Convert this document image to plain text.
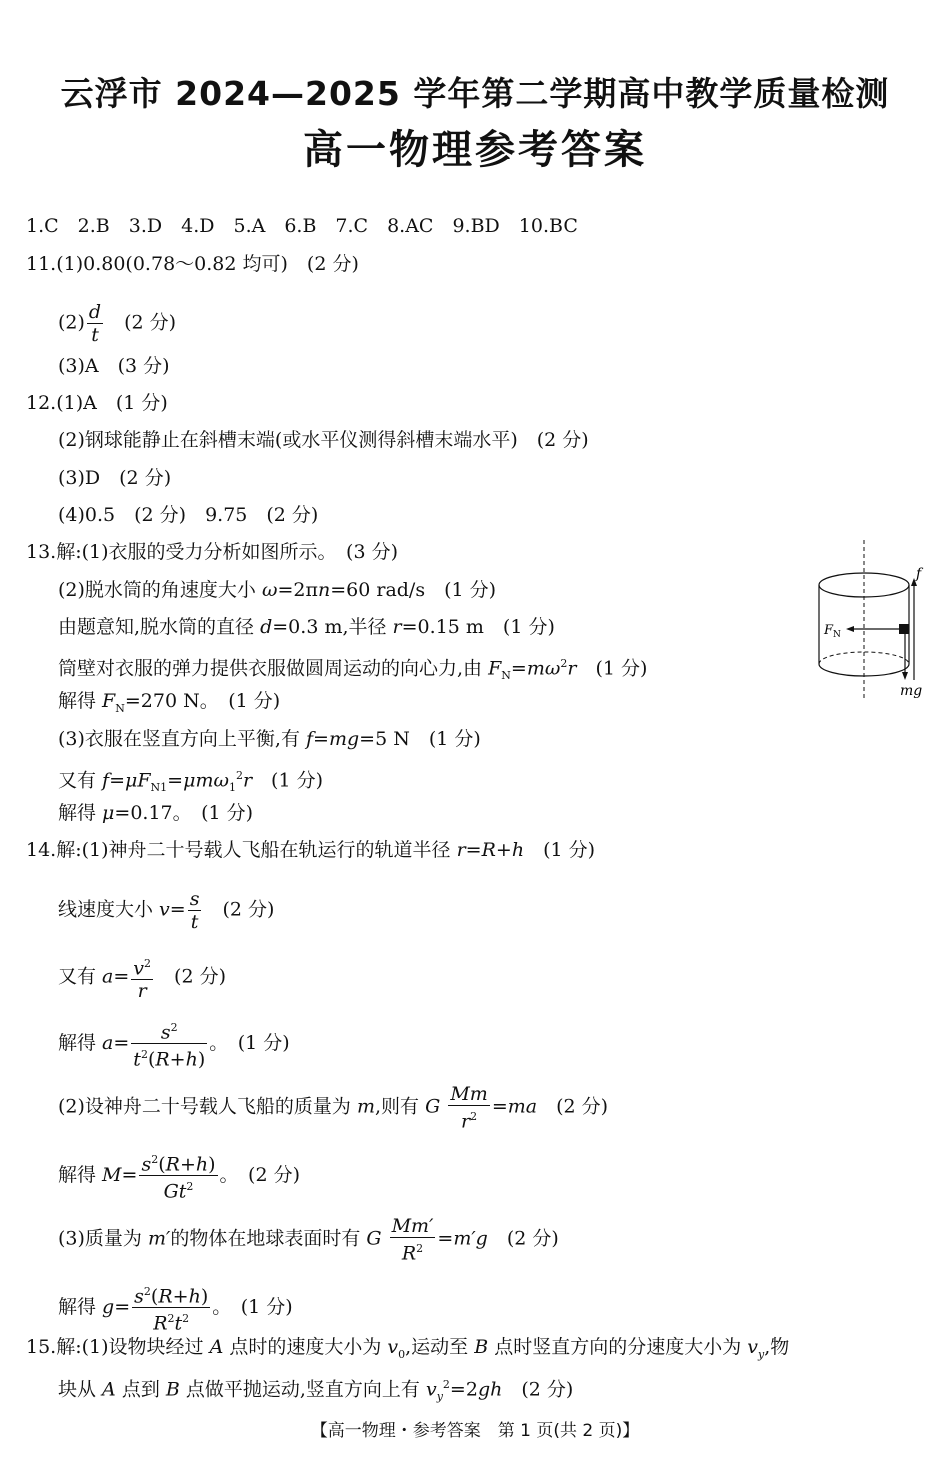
云浮市 2024—2025 学年第二学期高中教学质量检测
高一物理参考答案
1.C　2.B　3.D　4.D　5.A　6.B　7.C　8.AC　9.BD　10.BC
11.(1)0.80(0.78～0.82 均可)　(2 分)
$(2) \frac{d}{t}$
　 (2 分)
(3)A　(3 分)
12.(1)A　(1 分)
(2)钢球能静止在斜槽末端(或水平仪测得斜槽末端水平)　(2 分)
(3)D　(2 分)
(4)0.5　(2 分)　9.75　(2 分)
13.解:(1)衣服的受力分析如图所示。　(3 分)
(2)脱水筒的角速度大小 ω=2πn=60 rad/s　(1 分)
由题意知,脱水筒的直径 d=0.3 m,半径 r=0.15 m　(1 分)
筒壁对衣服的弹力提供衣服做圆周运动的向心力,由 $F_N=m\omega^2r$　(1 分)
解得 $F_N=270$ N。　(1 分)
(3)衣服在竖直方向上平衡,有 f=mg=5 N　(1 分)
又有 $f=\mu F_{N1}=\mu m\omega_1^2r$　(1 分)
解得 μ=0.17。　(1 分)
f
$F_N$
mg
14.解:(1)神舟二十号载人飞船在轨运行的轨道半径 r=R+h　(1 分)
线速度大小 $v= \frac{s}{t}$
　 (2 分)
又有 $a= \frac{v^2}{r}$
　 (2 分)
解得 $a= \frac{s^2}{t^2(R+h)}$ 。　(1 分)
(2)设神舟二十号载人飞船的质量为 m,则有 G $\frac{Mm}{r^2} =ma$　(2 分)
解得 $M= \frac{s^2(R+h)}{Gt^2}$ 。　(2 分)
(3)质量为 m′的物体在地球表面时有 G $\frac{Mm'}{R^2} =m'g$　(2 分)
解得 $g= \frac{s^2(R+h)}{R^2t^2}$ 。　(1 分)
15.解:(1)设物块经过 A 点时的速度大小为 $v_0$,运动至 B 点时竖直方向的分速度大小为 $v_y$,物
块从 A 点到 B 点做平抛运动,竖直方向上有 $v_y^2=2gh$　(2 分)
【高一物理・参考答案　第 1 页(共 2 页)】
